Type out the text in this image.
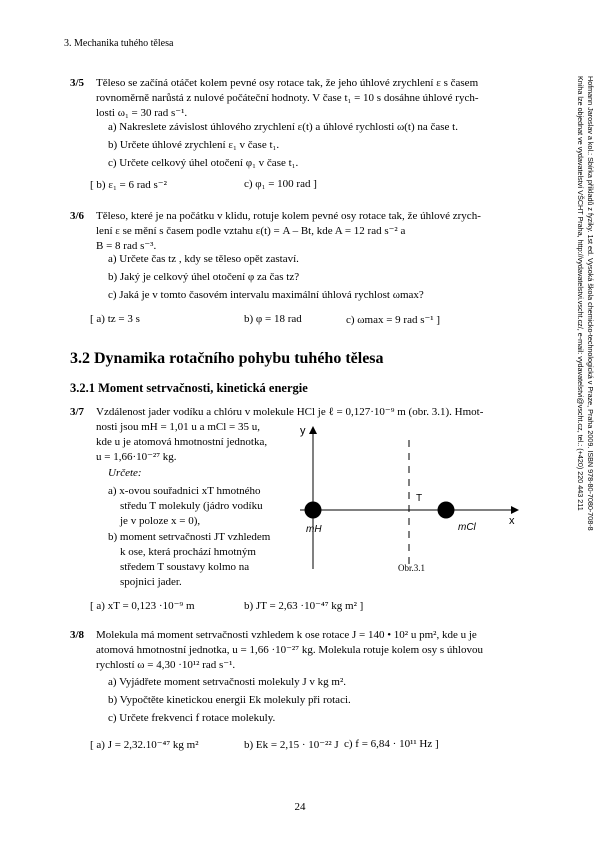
3. Mechanika tuhého tělesa
Hofmann Jaroslav a kol.: Sbírka příkladů z fyziky. 1st ed. Vysoká škola chemicko-technologická v Praze, Praha 2009. ISBN 978-80-7080-708-8
Kniha lze objednat ve vydavatelství VŠCHT Praha, http://vydavatelstvi.vscht.cz/, e-mail: vydavatelstvi@vscht.cz, tel.: (+420) 220 443 211
3/5 Těleso se začíná otáčet kolem pevné osy rotace tak, že jeho úhlové zrychlení ε s časem
rovnoměrně narůstá z nulové počáteční hodnoty. V čase t₁ = 10 s dosáhne úhlové rych-
losti ω₁ = 30 rad s⁻¹.
a) Nakreslete závislost úhlového zrychlení ε(t) a úhlové rychlosti ω(t) na čase t.
b) Určete úhlové zrychlení ε₁ v čase t₁.
c) Určete celkový úhel otočení φ₁ v čase t₁.
[ b) ε₁ = 6 rad s⁻²	c) φ₁ = 100 rad ]
3/6 Těleso, které je na počátku v klidu, rotuje kolem pevné osy rotace tak, že úhlové zrych-
lení ε se mění s časem podle vztahu ε(t) = A – Bt, kde A = 12 rad s⁻² a
B = 8 rad s⁻³.
a) Určete čas tz , kdy se těleso opět zastaví.
b) Jaký je celkový úhel otočení φ za čas tz?
c) Jaká je v tomto časovém intervalu maximální úhlová rychlost ωmax?
[ a) tz = 3 s	b) φ = 18 rad	c) ωmax = 9 rad s⁻¹ ]
3.2 Dynamika rotačního pohybu tuhého tělesa
3.2.1 Moment setrvačnosti, kinetická energie
3/7 Vzdálenost jader vodíku a chlóru v molekule HCl je ℓ = 0,127·10⁻⁹ m (obr. 3.1). Hmot-
nosti jsou mH = 1,01 u a mCl = 35 u,
kde u je atomová hmotnostní jednotka,
u = 1,66·10⁻²⁷ kg.
Určete:
a) x-ovou souřadnici xT hmotného
středu T molekuly (jádro vodíku
je v poloze x = 0),
b) moment setrvačnosti JT vzhledem
k ose, která prochází hmotným
středem T soustavy kolmo na
spojnici jader.
y
x
T
mH	mCl
Obr.3.1
[ a) xT = 0,123 ·10⁻⁹ m	b) JT = 2,63 ·10⁻⁴⁷ kg m² ]
3/8 Molekula má moment setrvačnosti vzhledem k ose rotace J = 140 • 10² u pm², kde u je
atomová hmotnostní jednotka, u = 1,66 ·10⁻²⁷ kg. Molekula rotuje kolem osy s úhlovou
rychlostí ω = 4,30 ·10¹² rad s⁻¹.
a) Vyjádřete moment setrvačnosti molekuly J v kg m².
b) Vypočtěte kinetickou energii Ek molekuly při rotaci.
c) Určete frekvenci f rotace molekuly.
[ a) J = 2,32.10⁻⁴⁷ kg m²	b) Ek = 2,15 · 10⁻²² J c) f = 6,84 · 10¹¹ Hz ]
24
